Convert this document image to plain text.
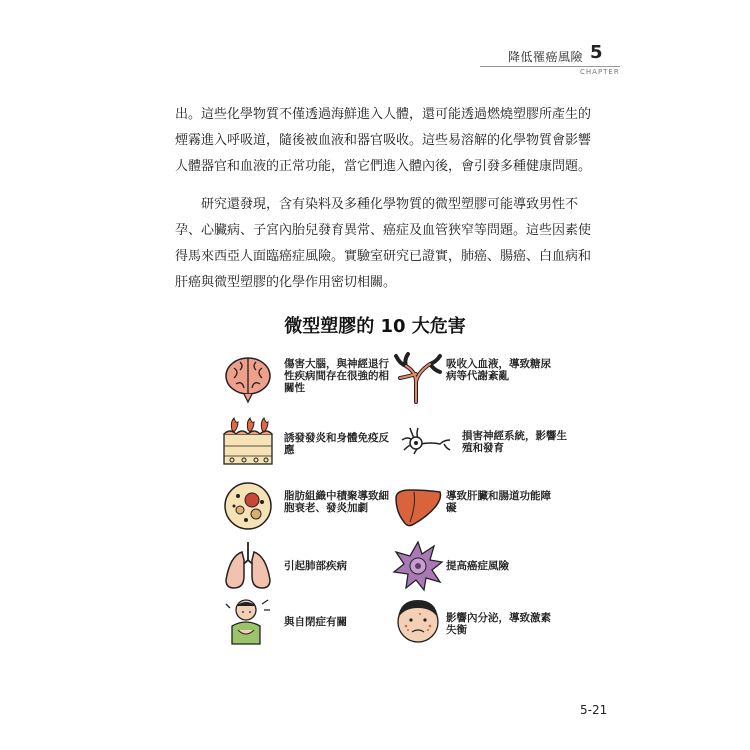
降低罹癌風險 5
CHAPTER

出。這些化學物質不僅透過海鮮進入人體，還可能透過燃燒塑膠所產生的煙霧進入呼吸道，隨後被血液和器官吸收。這些易溶解的化學物質會影響人體器官和血液的正常功能，當它們進入體內後，會引發多種健康問題。

研究還發現，含有染料及多種化學物質的微型塑膠可能導致男性不孕、心臟病、子宮內胎兒發育異常、癌症及血管狹窄等問題。這些因素使得馬來西亞人面臨癌症風險。實驗室研究已證實，肺癌、腸癌、白血病和肝癌與微型塑膠的化學作用密切相關。

微型塑膠的 10 大危害
傷害大腦，與神經退行性疾病間存在很強的相關性
吸收入血液，導致糖尿病等代謝紊亂
誘發發炎和身體免疫反應
損害神經系統，影響生殖和發育
脂肪組織中積聚導致細胞衰老、發炎加劇
導致肝臟和腸道功能障礙
引起肺部疾病	提高癌症風險
與自閉症有關	影響內分泌，導致激素失衡
5-21
